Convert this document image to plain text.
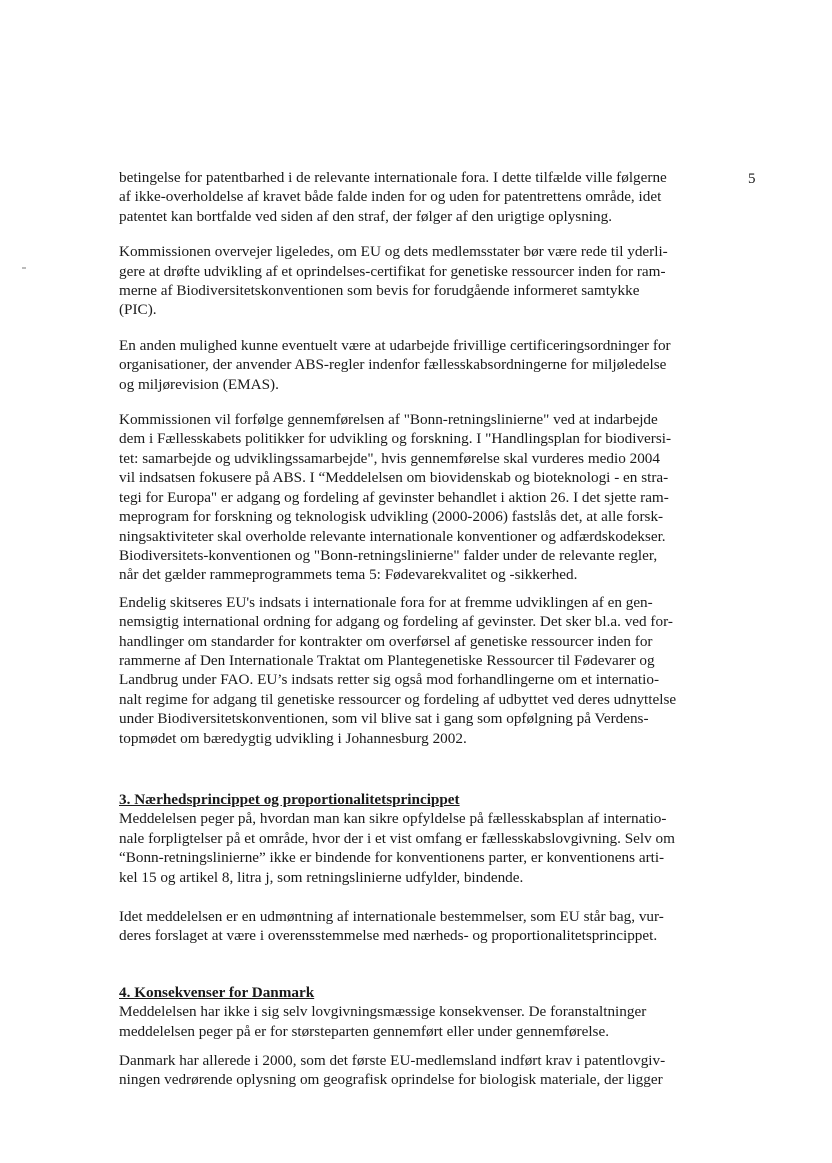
5

betingelse for patentbarhed i de relevante internationale fora. I dette tilfælde ville følgerne
af ikke-overholdelse af kravet både falde inden for og uden for patentrettens område, idet
patentet kan bortfalde ved siden af den straf, der følger af den urigtige oplysning.

Kommissionen overvejer ligeledes, om EU og dets medlemsstater bør være rede til yderli-
gere at drøfte udvikling af et oprindelses-certifikat for genetiske ressourcer inden for ram-
merne af Biodiversitetskonventionen som bevis for forudgående informeret samtykke
(PIC).

En anden mulighed kunne eventuelt være at udarbejde frivillige certificeringsordninger for
organisationer, der anvender ABS-regler indenfor fællesskabsordningerne for miljøledelse
og miljørevision (EMAS).

Kommissionen vil forfølge gennemførelsen af "Bonn-retningslinierne" ved at indarbejde
dem i Fællesskabets politikker for udvikling og forskning. I "Handlingsplan for biodiversi-
tet: samarbejde og udviklingssamarbejde", hvis gennemførelse skal vurderes medio 2004
vil indsatsen fokusere på ABS. I “Meddelelsen om biovidenskab og bioteknologi - en stra-
tegi for Europa" er adgang og fordeling af gevinster behandlet i aktion 26. I det sjette ram-
meprogram for forskning og teknologisk udvikling (2000-2006) fastslås det, at alle forsk-
ningsaktiviteter skal overholde relevante internationale konventioner og adfærdskodekser.
Biodiversitets-konventionen og "Bonn-retningslinierne" falder under de relevante regler,
når det gælder rammeprogrammets tema 5: Fødevarekvalitet og -sikkerhed.

Endelig skitseres EU's indsats i internationale fora for at fremme udviklingen af en gen-
nemsigtig international ordning for adgang og fordeling af gevinster. Det sker bl.a. ved for-
handlinger om standarder for kontrakter om overførsel af genetiske ressourcer inden for
rammerne af Den Internationale Traktat om Plantegenetiske Ressourcer til Fødevarer og
Landbrug under FAO. EU’s indsats retter sig også mod forhandlingerne om et internatio-
nalt regime for adgang til genetiske ressourcer og fordeling af udbyttet ved deres udnyttelse
under Biodiversitetskonventionen, som vil blive sat i gang som opfølgning på Verdens-
topmødet om bæredygtig udvikling i Johannesburg 2002.

3. Nærhedsprincippet og proportionalitetsprincippet

Meddelelsen peger på, hvordan man kan sikre opfyldelse på fællesskabsplan af internatio-
nale forpligtelser på et område, hvor der i et vist omfang er fællesskabslovgivning. Selv om
“Bonn-retningslinierne” ikke er bindende for konventionens parter, er konventionens arti-
kel 15 og artikel 8, litra j, som retningslinierne udfylder, bindende.

Idet meddelelsen er en udmøntning af internationale bestemmelser, som EU står bag, vur-
deres forslaget at være i overensstemmelse med nærheds- og proportionalitetsprincippet.

4. Konsekvenser for Danmark

Meddelelsen har ikke i sig selv lovgivningsmæssige konsekvenser. De foranstaltninger
meddelelsen peger på er for størsteparten gennemført eller under gennemførelse.

Danmark har allerede i 2000, som det første EU-medlemsland indført krav i patentlovgiv-
ningen vedrørende oplysning om geografisk oprindelse for biologisk materiale, der ligger
